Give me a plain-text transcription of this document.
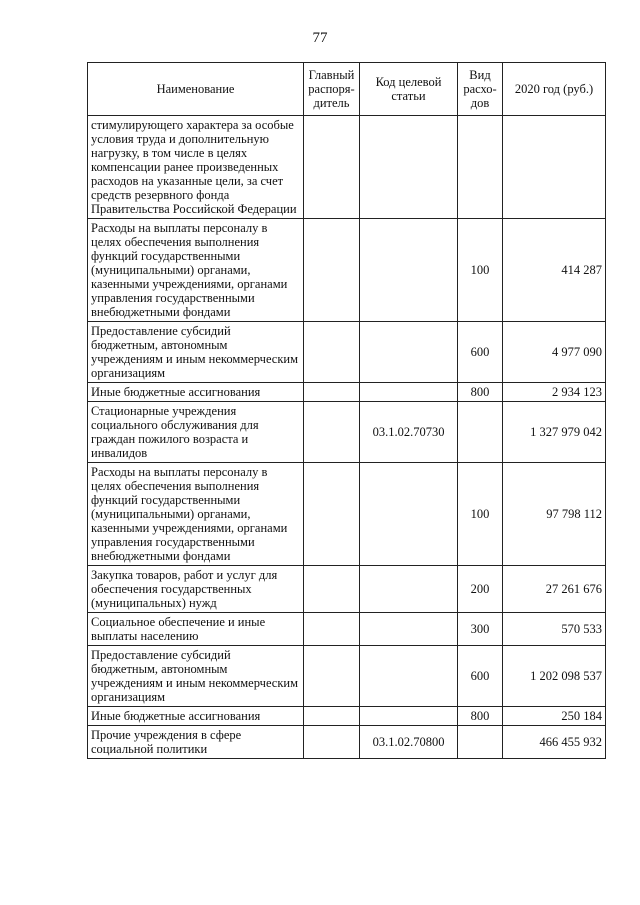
77
Наименование	Главный распоря-дитель	Код целевой статьи	Вид расхо-дов	2020 год (руб.)
стимулирующего характера за особые условия труда и дополнительную нагрузку, в том числе в целях компенсации ранее произведенных расходов на указанные цели, за счет средств резервного фонда Правительства Российской Федерации				
Расходы на выплаты персоналу в целях обеспечения выполнения функций государственными (муниципальными) органами, казенными учреждениями, органами управления государственными внебюджетными фондами			100	414 287
Предоставление субсидий бюджетным, автономным учреждениям и иным некоммерческим организациям			600	4 977 090
Иные бюджетные ассигнования			800	2 934 123
Стационарные учреждения социального обслуживания для граждан пожилого возраста и инвалидов		03.1.02.70730		1 327 979 042
Расходы на выплаты персоналу в целях обеспечения выполнения функций государственными (муниципальными) органами, казенными учреждениями, органами управления государственными внебюджетными фондами			100	97 798 112
Закупка товаров, работ и услуг для обеспечения государственных (муниципальных) нужд			200	27 261 676
Социальное обеспечение и иные выплаты населению			300	570 533
Предоставление субсидий бюджетным, автономным учреждениям и иным некоммерческим организациям			600	1 202 098 537
Иные бюджетные ассигнования			800	250 184
Прочие учреждения в сфере социальной политики		03.1.02.70800		466 455 932
